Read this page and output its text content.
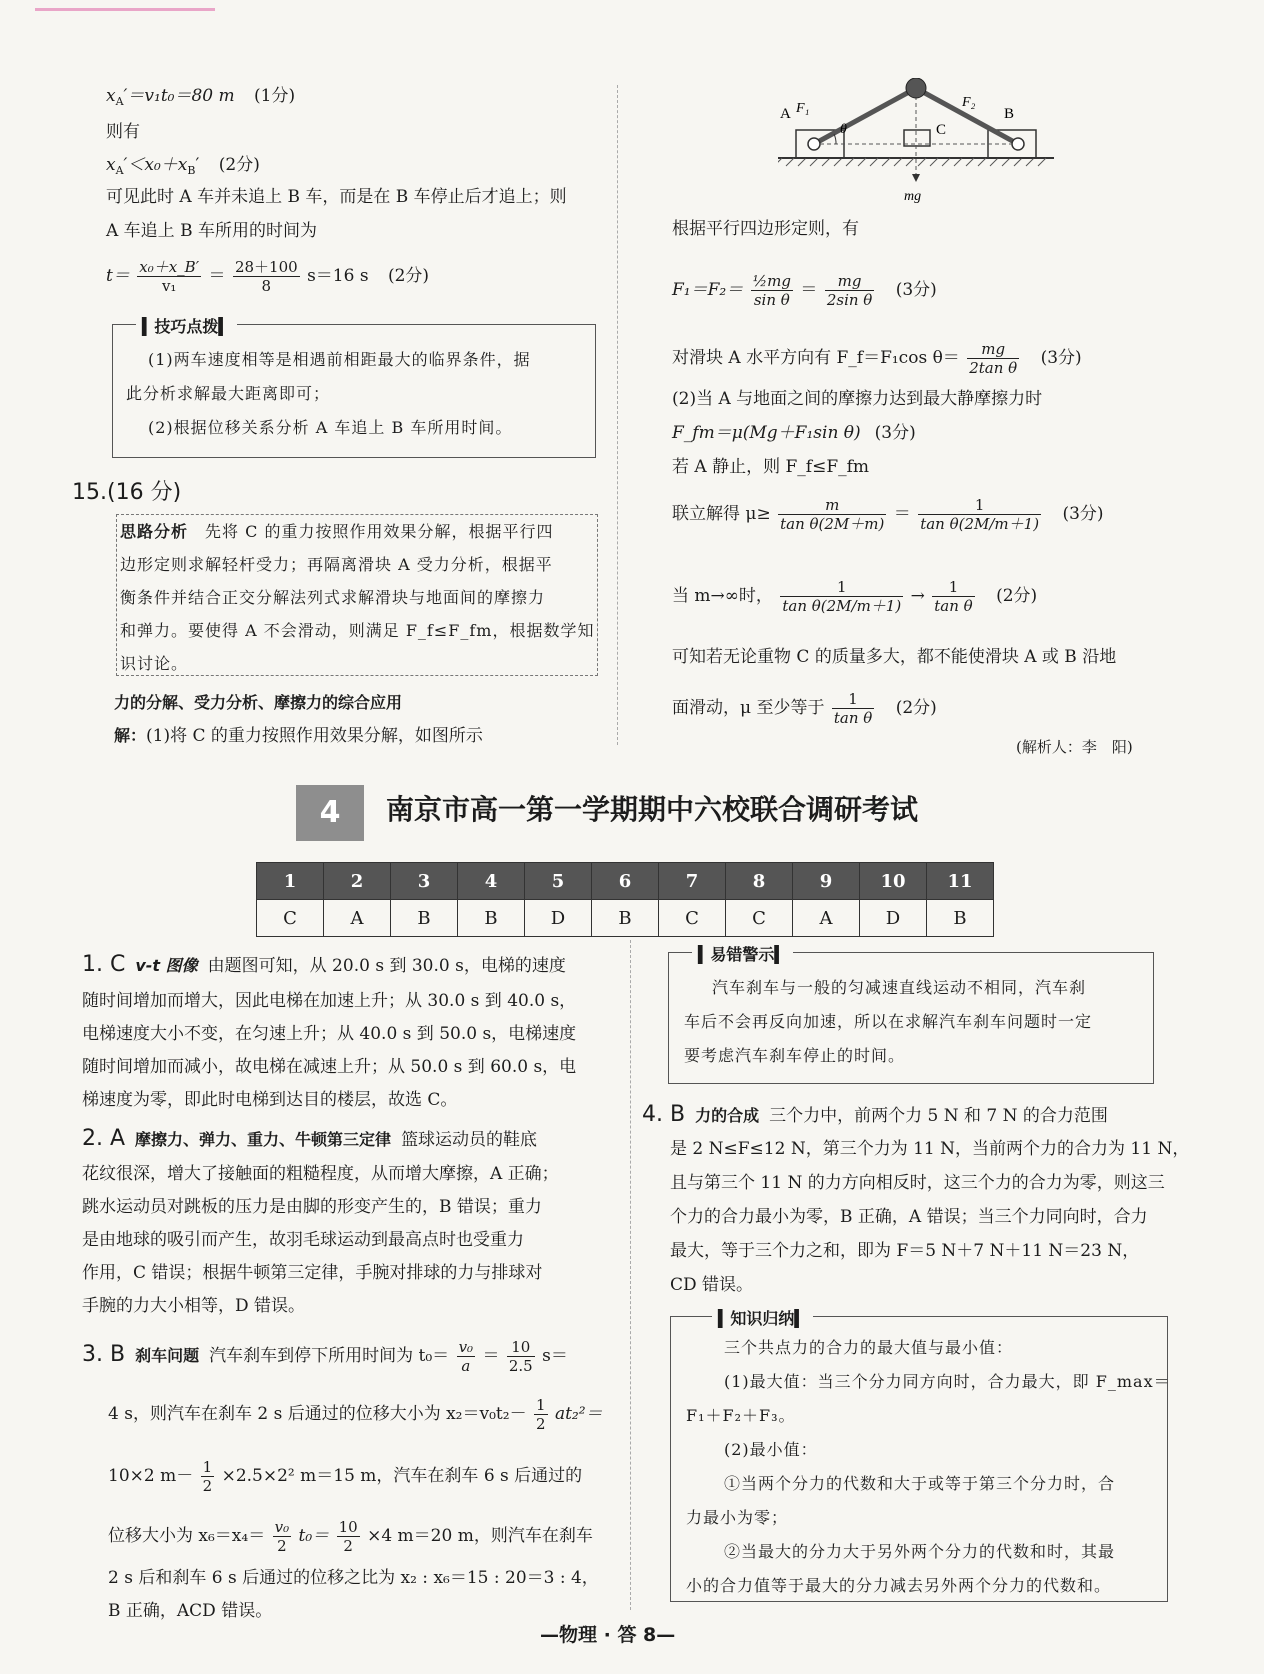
$x_A'=v_1t_0=80$ m (1分)
则有
$x_A'<x_0+x_B'$ (2分)
可见此时 A 车并未追上 B 车，而是在 B 车停止后才追上；则
A 车追上 B 车所用的时间为
$t= \frac{\text{x₀＋x\_B′}}{\text{v₁}} = \frac{28+100}{8} s=16$ s (2分)
▍ 技巧点拨 ▍
(1)两车速度相等是相遇前相距最大的临界条件，据
此分析求解最大距离即可；
(2)根据位移关系分析 A 车追上 B 车所用时间。
15.(16 分)
思路分析　 先将 C 的重力按照作用效果分解，根据平行四
边形定则求解轻杆受力；再隔离滑块 A 受力分析，根据平
衡条件并结合正交分解法列式求解滑块与地面间的摩擦力
和弹力。要使得 A 不会滑动，则满足 F_f≤F_fm，根据数学知
识讨论。
力的分解、受力分析、摩擦力的综合应用
解：(1)将 C 的重力按照作用效果分解，如图所示
A F₁
θ	C
F₂
B
mg
根据平行四边形定则，有
$F_1=F_2= \frac{\text{½mg}}{\text{sin θ}} = \frac{mg}{\text{2sin θ}} (3$分)
对滑块 A 水平方向有 F_f＝F₁cos $\theta= \frac{mg}{\text{2tan θ}} (3$分)
(2)当 A 与地面之间的摩擦力达到最大静摩擦力时
F_fm＝μ(Mg＋F₁sin θ) (3分)
若 A 静止，则 F_f≤F_fm
联立解得 $\mu\ge \frac{m}{\text{tan θ(2M＋m)}} = \frac{1}{\text{tan θ(2M/m＋1)}} (3$分)
当 m→∞时， $\frac{1}{\text{tan θ(2M/m＋1)}} \to \frac{1}{\text{tan θ}} (2$分)
可知若无论重物 C 的质量多大，都不能使滑块 A 或 B 沿地
面滑动，μ 至少等于 $\frac{1}{\text{tan θ}} (2$分)
(解析人：李　阳)
4	南京市高一第一学期期中六校联合调研考试
1	2	3	4	5	6	7	8	9	10	11
C	A	B	B	D	B	C	C	A	D	B
1. C v-t 图像 由题图可知，从 20.0 s 到 30.0 s，电梯的速度
随时间增加而增大，因此电梯在加速上升；从 30.0 s 到 40.0 s，
电梯速度大小不变，在匀速上升；从 40.0 s 到 50.0 s，电梯速度
随时间增加而减小，故电梯在减速上升；从 50.0 s 到 60.0 s，电
梯速度为零，即此时电梯到达目的楼层，故选 C。
2. A 摩擦力、弹力、重力、牛顿第三定律 篮球运动员的鞋底
花纹很深，增大了接触面的粗糙程度，从而增大摩擦，A 正确；
跳水运动员对跳板的压力是由脚的形变产生的，B 错误；重力
是由地球的吸引而产生，故羽毛球运动到最高点时也受重力
作用，C 错误；根据牛顿第三定律，手腕对排球的力与排球对
手腕的力大小相等，D 错误。
3. B 刹车问题 汽车刹车到停下所用时间为 $t_0= \frac{\text{v₀}}{a} = \frac{10}{2.5} s=$
4 s，则汽车在刹车 2 s 后通过的位移大小为 $x_2=v_0t_2- \frac{1}{2} at_2^2=$
10×2 $m- \frac{1}{2} \times 2.5\times 2^2$ m＝15 m，汽车在刹车 6 s 后通过的
位移大小为 $x_6=x_4= \frac{\text{v₀}}{2} t_0= \frac{10}{2} \times 4$ m＝20 m，则汽车在刹车
2 s 后和刹车 6 s 后通过的位移之比为 x₂ : x₆＝15 : 20＝3 : 4，
B 正确，ACD 错误。
▍ 易错警示 ▍
汽车刹车与一般的匀减速直线运动不相同，汽车刹
车后不会再反向加速，所以在求解汽车刹车问题时一定
要考虑汽车刹车停止的时间。
4. B 力的合成 三个力中，前两个力 5 N 和 7 N 的合力范围
是 2 N≤F≤12 N，第三个力为 11 N，当前两个力的合力为 11 N，
且与第三个 11 N 的力方向相反时，这三个力的合力为零，则这三
个力的合力最小为零，B 正确，A 错误；当三个力同向时，合力
最大，等于三个力之和，即为 F＝5 N＋7 N＋11 N＝23 N，
CD 错误。
▍ 知识归纳 ▍
三个共点力的合力的最大值与最小值：
(1)最大值：当三个分力同方向时，合力最大，即 F_max＝
F₁＋F₂＋F₃。
(2)最小值：
①当两个分力的代数和大于或等于第三个分力时，合
力最小为零；
②当最大的分力大于另外两个分力的代数和时，其最
小的合力值等于最大的分力减去另外两个分力的代数和。
—物理 · 答 8—
